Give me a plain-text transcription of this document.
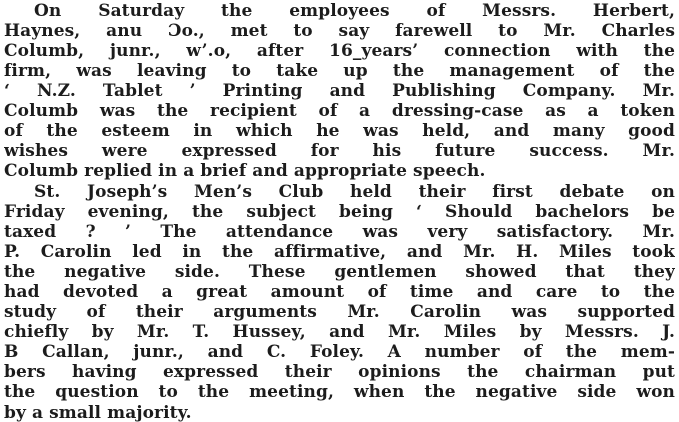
On Saturday the employees of Messrs. Herbert,
Haynes, anu Ɔo., met to say farewell to Mr. Charles
Columb, junr., w’.o, after 16_years’ connection with the
firm, was leaving to take up the management of the
‘ N.Z. Tablet ’ Printing and Publishing Company. Mr.
Columb was the recipient of a dressing-case as a token
of the esteem in which he was held, and many good
wishes were expressed for his future success. Mr.
Columb replied in a brief and appropriate speech.
St. Joseph’s Men’s Club held their first debate on
Friday evening, the subject being ‘ Should bachelors be
taxed ? ’ The attendance was very satisfactory. Mr.
P. Carolin led in the affirmative, and Mr. H. Miles took
the negative side. These gentlemen showed that they
had devoted a great amount of time and care to the
study of their arguments Mr. Carolin was supported
chiefly by Mr. T. Hussey, and Mr. Miles by Messrs. J.
B Callan, junr., and C. Foley. A number of the mem-
bers having expressed their opinions the chairman put
the question to the meeting, when the negative side won
by a small majority.
